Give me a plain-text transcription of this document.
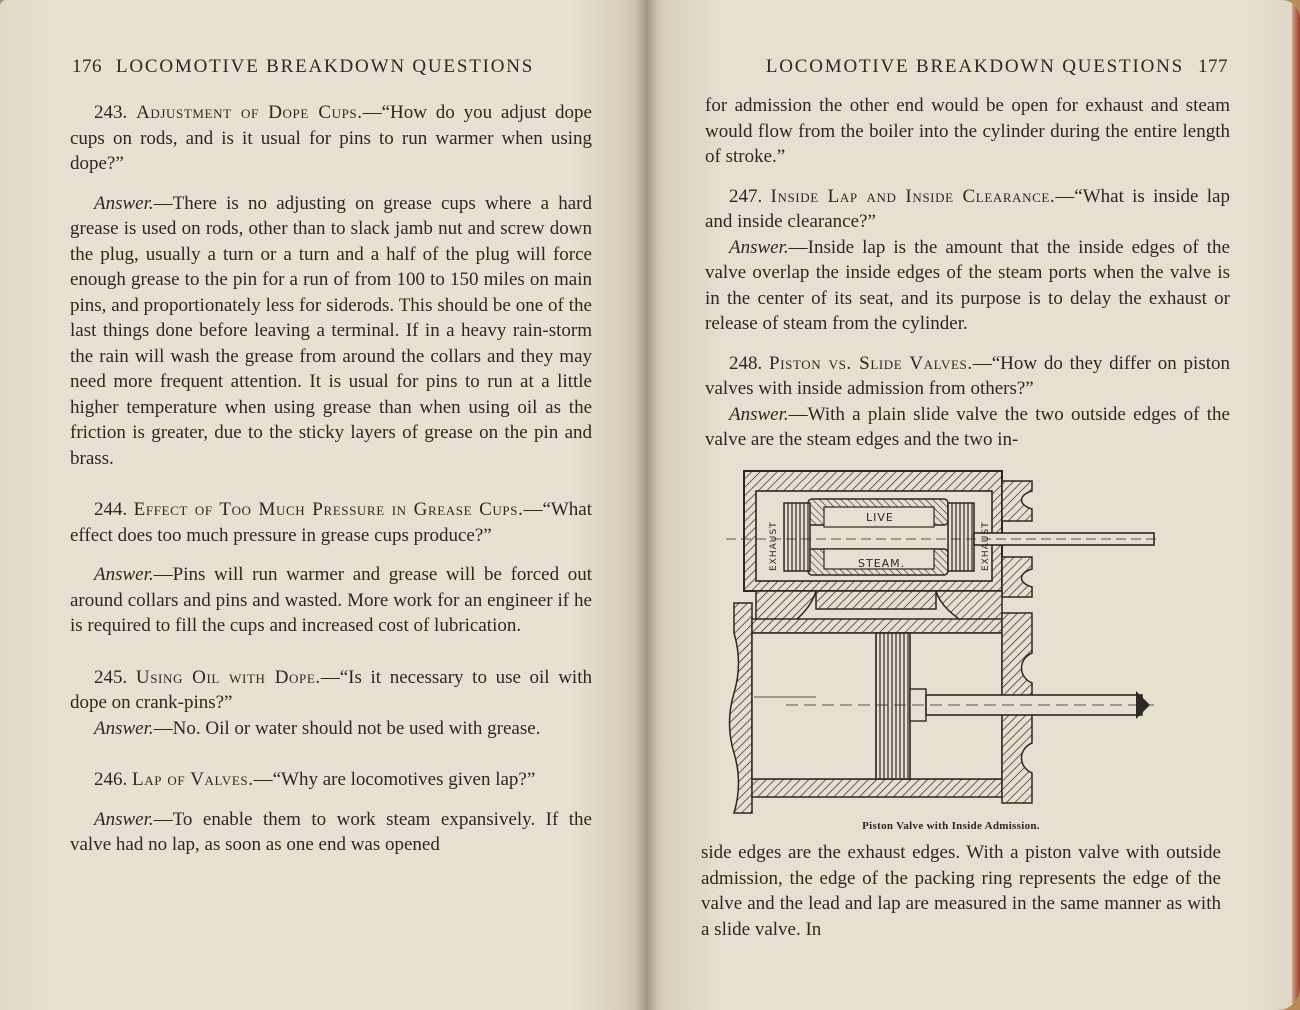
176 LOCOMOTIVE BREAKDOWN QUESTIONS

243. Adjustment of Dope Cups.—“How do you adjust dope cups on rods, and is it usual for pins to run warmer when using dope?”

Answer.—There is no adjusting on grease cups where a hard grease is used on rods, other than to slack jamb nut and screw down the plug, usually a turn or a turn and a half of the plug will force enough grease to the pin for a run of from 100 to 150 miles on main pins, and proportionately less for siderods. This should be one of the last things done before leaving a terminal. If in a heavy rain-storm the rain will wash the grease from around the collars and they may need more frequent attention. It is usual for pins to run at a little higher temperature when using grease than when using oil as the friction is greater, due to the sticky layers of grease on the pin and brass.

244. Effect of Too Much Pressure in Grease Cups.—“What effect does too much pressure in grease cups produce?”

Answer.—Pins will run warmer and grease will be forced out around collars and pins and wasted. More work for an engineer if he is required to fill the cups and increased cost of lubrication.

245. Using Oil with Dope.—“Is it necessary to use oil with dope on crank-pins?”

Answer.—No. Oil or water should not be used with grease.

246. Lap of Valves.—“Why are locomotives given lap?”

Answer.—To enable them to work steam expansively. If the valve had no lap, as soon as one end was opened

LOCOMOTIVE BREAKDOWN QUESTIONS 177

for admission the other end would be open for exhaust and steam would flow from the boiler into the cylinder during the entire length of stroke.”

247. Inside Lap and Inside Clearance.—“What is inside lap and inside clearance?”

Answer.—Inside lap is the amount that the inside edges of the valve overlap the inside edges of the steam ports when the valve is in the center of its seat, and its purpose is to delay the exhaust or release of steam from the cylinder.

248. Piston vs. Slide Valves.—“How do they differ on piston valves with inside admission from others?”

Answer.—With a plain slide valve the two outside edges of the valve are the steam edges and the two in-

LIVE
STEAM.
EXHAUST	EXHAUST
Piston Valve with Inside Admission.

side edges are the exhaust edges. With a piston valve with outside admission, the edge of the packing ring represents the edge of the valve and the lead and lap are measured in the same manner as with a slide valve. In
